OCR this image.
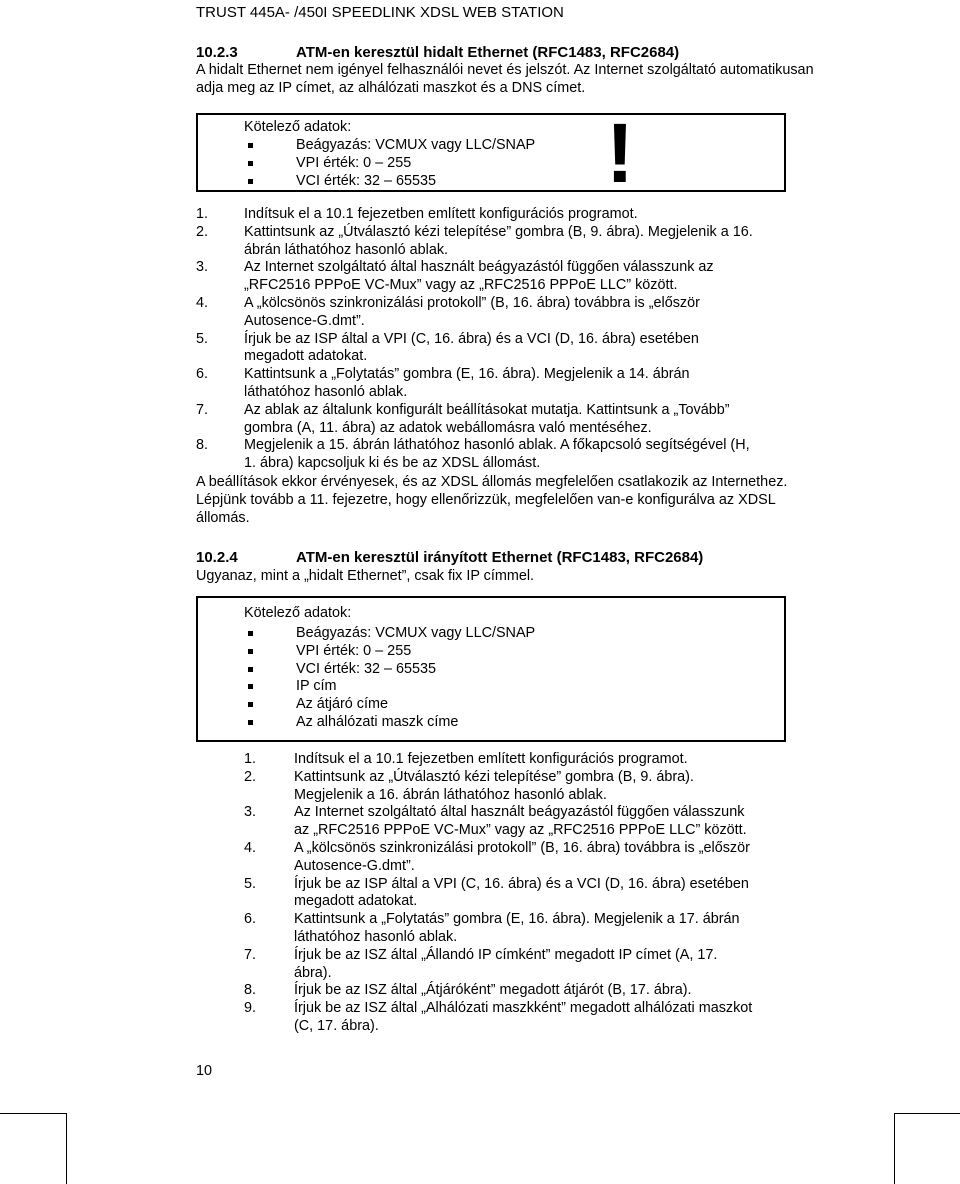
TRUST 445A- /450I SPEEDLINK XDSL WEB STATION
10.2.3	ATM-en keresztül hidalt Ethernet (RFC1483, RFC2684)
A hidalt Ethernet nem igényel felhasználói nevet és jelszót. Az Internet szolgáltató automatikusan adja meg az IP címet, az alhálózati maszkot és a DNS címet.
Kötelező adatok:
Beágyazás: VCMUX vagy LLC/SNAP
VPI érték: 0 – 255
VCI érték: 32 – 65535	!
1. Indítsuk el a 10.1 fejezetben említett konfigurációs programot.
2. Kattintsunk az „Útválasztó kézi telepítése” gombra (B, 9. ábra). Megjelenik a 16. ábrán láthatóhoz hasonló ablak.
3. Az Internet szolgáltató által használt beágyazástól függően válasszunk az „RFC2516 PPPoE VC-Mux” vagy az „RFC2516 PPPoE LLC” között.
4. A „kölcsönös szinkronizálási protokoll” (B, 16. ábra) továbbra is „először Autosence-G.dmt”.
5. Írjuk be az ISP által a VPI (C, 16. ábra) és a VCI (D, 16. ábra) esetében megadott adatokat.
6. Kattintsunk a „Folytatás” gombra (E, 16. ábra). Megjelenik a 14. ábrán láthatóhoz hasonló ablak.
7. Az ablak az általunk konfigurált beállításokat mutatja. Kattintsunk a „Tovább” gombra (A, 11. ábra) az adatok webállomásra való mentéséhez.
8. Megjelenik a 15. ábrán láthatóhoz hasonló ablak. A főkapcsoló segítségével (H, 1. ábra) kapcsoljuk ki és be az XDSL állomást.
A beállítások ekkor érvényesek, és az XDSL állomás megfelelően csatlakozik az Internethez. Lépjünk tovább a 11. fejezetre, hogy ellenőrizzük, megfelelően van-e konfigurálva az XDSL állomás.
10.2.4	ATM-en keresztül irányított Ethernet (RFC1483, RFC2684)
Ugyanaz, mint a „hidalt Ethernet”, csak fix IP címmel.
Kötelező adatok:
Beágyazás: VCMUX vagy LLC/SNAP
VPI érték: 0 – 255
VCI érték: 32 – 65535
IP cím
Az átjáró címe
Az alhálózati maszk címe
1.	Indítsuk el a 10.1 fejezetben említett konfigurációs programot.
2.	Kattintsunk az „Útválasztó kézi telepítése” gombra (B, 9. ábra). Megjelenik a 16. ábrán láthatóhoz hasonló ablak.
3.	Az Internet szolgáltató által használt beágyazástól függően válasszunk az „RFC2516 PPPoE VC-Mux” vagy az „RFC2516 PPPoE LLC” között.
4.	A „kölcsönös szinkronizálási protokoll” (B, 16. ábra) továbbra is „először Autosence-G.dmt”.
5.	Írjuk be az ISP által a VPI (C, 16. ábra) és a VCI (D, 16. ábra) esetében megadott adatokat.
6.	Kattintsunk a „Folytatás” gombra (E, 16. ábra). Megjelenik a 17. ábrán láthatóhoz hasonló ablak.
7.	Írjuk be az ISZ által „Állandó IP címként” megadott IP címet (A, 17. ábra).
8.	Írjuk be az ISZ által „Átjáróként” megadott átjárót (B, 17. ábra).
9.	Írjuk be az ISZ által „Alhálózati maszkként” megadott alhálózati maszkot (C, 17. ábra).
10
